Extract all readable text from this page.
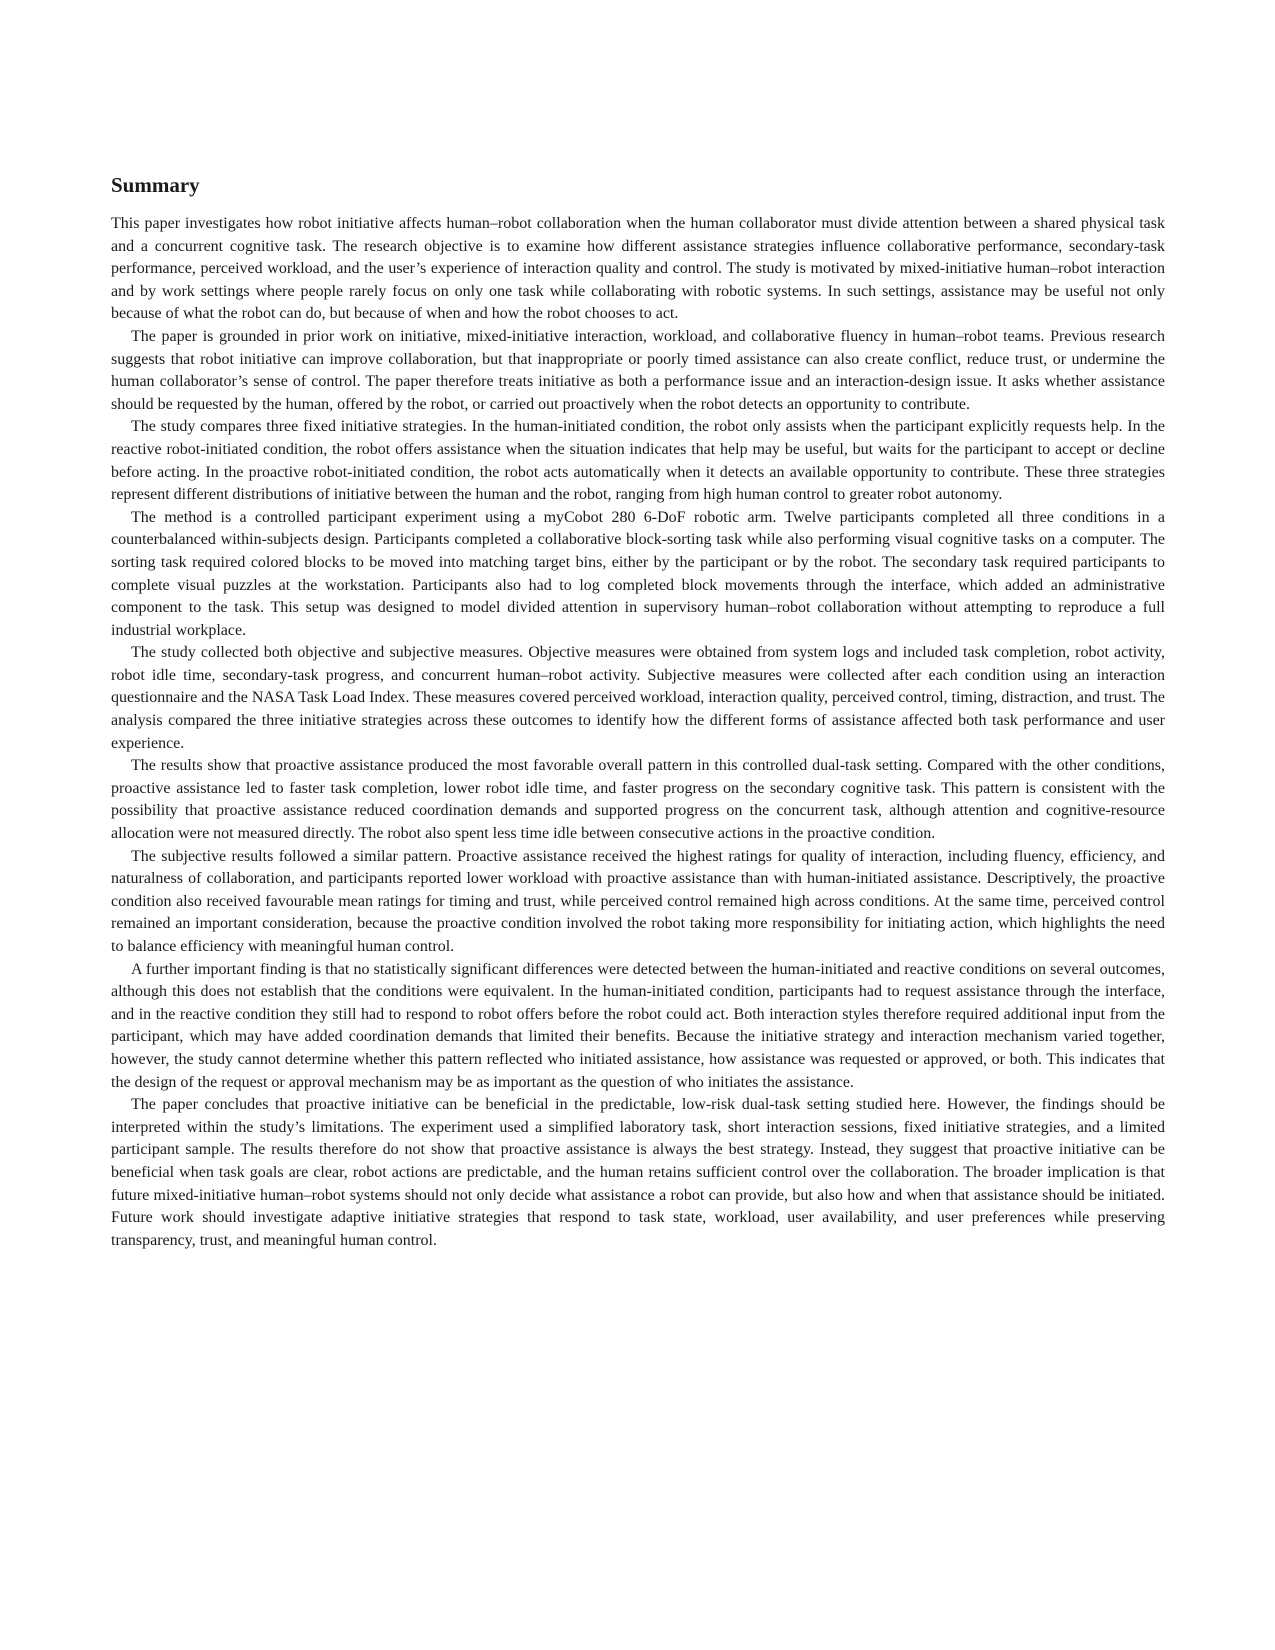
Summary

This paper investigates how robot initiative affects human–robot collaboration when the human collaborator must divide attention between a shared physical task and a concurrent cognitive task. The research objective is to examine how different assistance strategies influence collaborative performance, secondary-task performance, perceived workload, and the user’s experience of interaction quality and control. The study is motivated by mixed-initiative human–robot interaction and by work settings where people rarely focus on only one task while collaborating with robotic systems. In such settings, assistance may be useful not only because of what the robot can do, but because of when and how the robot chooses to act.

The paper is grounded in prior work on initiative, mixed-initiative interaction, workload, and collaborative fluency in human–robot teams. Previous research suggests that robot initiative can improve collaboration, but that inappropriate or poorly timed assistance can also create conflict, reduce trust, or undermine the human collaborator’s sense of control. The paper therefore treats initiative as both a performance issue and an interaction-design issue. It asks whether assistance should be requested by the human, offered by the robot, or carried out proactively when the robot detects an opportunity to contribute.

The study compares three fixed initiative strategies. In the human-initiated condition, the robot only assists when the participant explicitly requests help. In the reactive robot-initiated condition, the robot offers assistance when the situation indicates that help may be useful, but waits for the participant to accept or decline before acting. In the proactive robot-initiated condition, the robot acts automatically when it detects an available opportunity to contribute. These three strategies represent different distributions of initiative between the human and the robot, ranging from high human control to greater robot autonomy.

The method is a controlled participant experiment using a myCobot 280 6-DoF robotic arm. Twelve participants completed all three conditions in a counterbalanced within-subjects design. Participants completed a collaborative block-sorting task while also performing visual cognitive tasks on a computer. The sorting task required colored blocks to be moved into matching target bins, either by the participant or by the robot. The secondary task required participants to complete visual puzzles at the workstation. Participants also had to log completed block movements through the interface, which added an administrative component to the task. This setup was designed to model divided attention in supervisory human–robot collaboration without attempting to reproduce a full industrial workplace.

The study collected both objective and subjective measures. Objective measures were obtained from system logs and included task completion, robot activity, robot idle time, secondary-task progress, and concurrent human–robot activity. Subjective measures were collected after each condition using an interaction questionnaire and the NASA Task Load Index. These measures covered perceived workload, interaction quality, perceived control, timing, distraction, and trust. The analysis compared the three initiative strategies across these outcomes to identify how the different forms of assistance affected both task performance and user experience.

The results show that proactive assistance produced the most favorable overall pattern in this controlled dual-task setting. Compared with the other conditions, proactive assistance led to faster task completion, lower robot idle time, and faster progress on the secondary cognitive task. This pattern is consistent with the possibility that proactive assistance reduced coordination demands and supported progress on the concurrent task, although attention and cognitive-resource allocation were not measured directly. The robot also spent less time idle between consecutive actions in the proactive condition.

The subjective results followed a similar pattern. Proactive assistance received the highest ratings for quality of interaction, including fluency, efficiency, and naturalness of collaboration, and participants reported lower workload with proactive assistance than with human-initiated assistance. Descriptively, the proactive condition also received favourable mean ratings for timing and trust, while perceived control remained high across conditions. At the same time, perceived control remained an important consideration, because the proactive condition involved the robot taking more responsibility for initiating action, which highlights the need to balance efficiency with meaningful human control.

A further important finding is that no statistically significant differences were detected between the human-initiated and reactive conditions on several outcomes, although this does not establish that the conditions were equivalent. In the human-initiated condition, participants had to request assistance through the interface, and in the reactive condition they still had to respond to robot offers before the robot could act. Both interaction styles therefore required additional input from the participant, which may have added coordination demands that limited their benefits. Because the initiative strategy and interaction mechanism varied together, however, the study cannot determine whether this pattern reflected who initiated assistance, how assistance was requested or approved, or both. This indicates that the design of the request or approval mechanism may be as important as the question of who initiates the assistance.

The paper concludes that proactive initiative can be beneficial in the predictable, low-risk dual-task setting studied here. However, the findings should be interpreted within the study’s limitations. The experiment used a simplified laboratory task, short interaction sessions, fixed initiative strategies, and a limited participant sample. The results therefore do not show that proactive assistance is always the best strategy. Instead, they suggest that proactive initiative can be beneficial when task goals are clear, robot actions are predictable, and the human retains sufficient control over the collaboration. The broader implication is that future mixed-initiative human–robot systems should not only decide what assistance a robot can provide, but also how and when that assistance should be initiated. Future work should investigate adaptive initiative strategies that respond to task state, workload, user availability, and user preferences while preserving transparency, trust, and meaningful human control.
